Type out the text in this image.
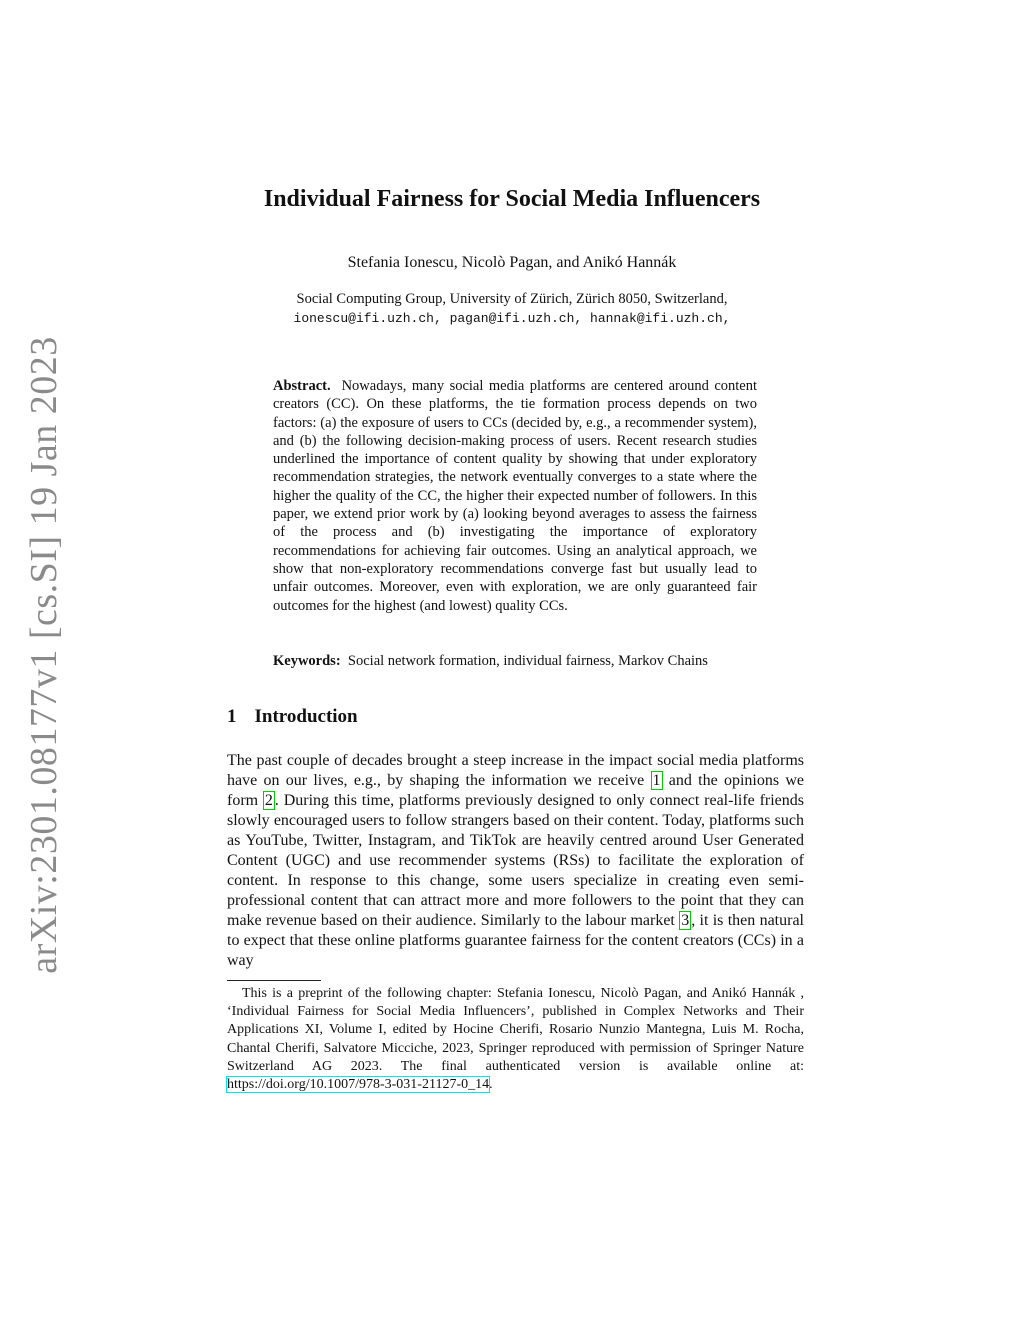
arXiv:2301.08177v1 [cs.SI] 19 Jan 2023
Individual Fairness for Social Media Influencers
Stefania Ionescu, Nicolò Pagan, and Anikó Hannák
Social Computing Group, University of Zürich, Zürich 8050, Switzerland,
ionescu@ifi.uzh.ch, pagan@ifi.uzh.ch, hannak@ifi.uzh.ch,

Abstract. Nowadays, many social media platforms are centered around content creators (CC). On these platforms, the tie formation process depends on two factors: (a) the exposure of users to CCs (decided by, e.g., a recommender system), and (b) the following decision-making process of users. Recent research studies underlined the importance of content quality by showing that under exploratory recommendation strategies, the network eventually converges to a state where the higher the quality of the CC, the higher their expected number of followers. In this paper, we extend prior work by (a) looking beyond averages to assess the fairness of the process and (b) investigating the importance of exploratory recommendations for achieving fair outcomes. Using an analytical approach, we show that non-exploratory recommendations converge fast but usually lead to unfair outcomes. Moreover, even with exploration, we are only guaranteed fair outcomes for the highest (and lowest) quality CCs.

Keywords: Social network formation, individual fairness, Markov Chains
1 Introduction

The past couple of decades brought a steep increase in the impact social media platforms have on our lives, e.g., by shaping the information we receive 1 and the opinions we form 2 . During this time, platforms previously designed to only connect real-life friends slowly encouraged users to follow strangers based on their content. Today, platforms such as YouTube, Twitter, Instagram, and TikTok are heavily centred around User Generated Content (UGC) and use recommender systems (RSs) to facilitate the exploration of content. In response to this change, some users specialize in creating even semi-professional content that can attract more and more followers to the point that they can make revenue based on their audience. Similarly to the labour market 3 , it is then natural to expect that these online platforms guarantee fairness for the content creators (CCs) in a way

This is a preprint of the following chapter: Stefania Ionescu, Nicolò Pagan, and Anikó Hannák , ‘Individual Fairness for Social Media Influencers’, published in Complex Networks and Their Applications XI, Volume I, edited by Hocine Cherifi, Rosario Nunzio Mantegna, Luis M. Rocha, Chantal Cherifi, Salvatore Micciche, 2023, Springer reproduced with permission of Springer Nature Switzerland AG 2023. The final authenticated version is available online at: https://doi.org/10.1007/978-3-031-21127-0_14.
